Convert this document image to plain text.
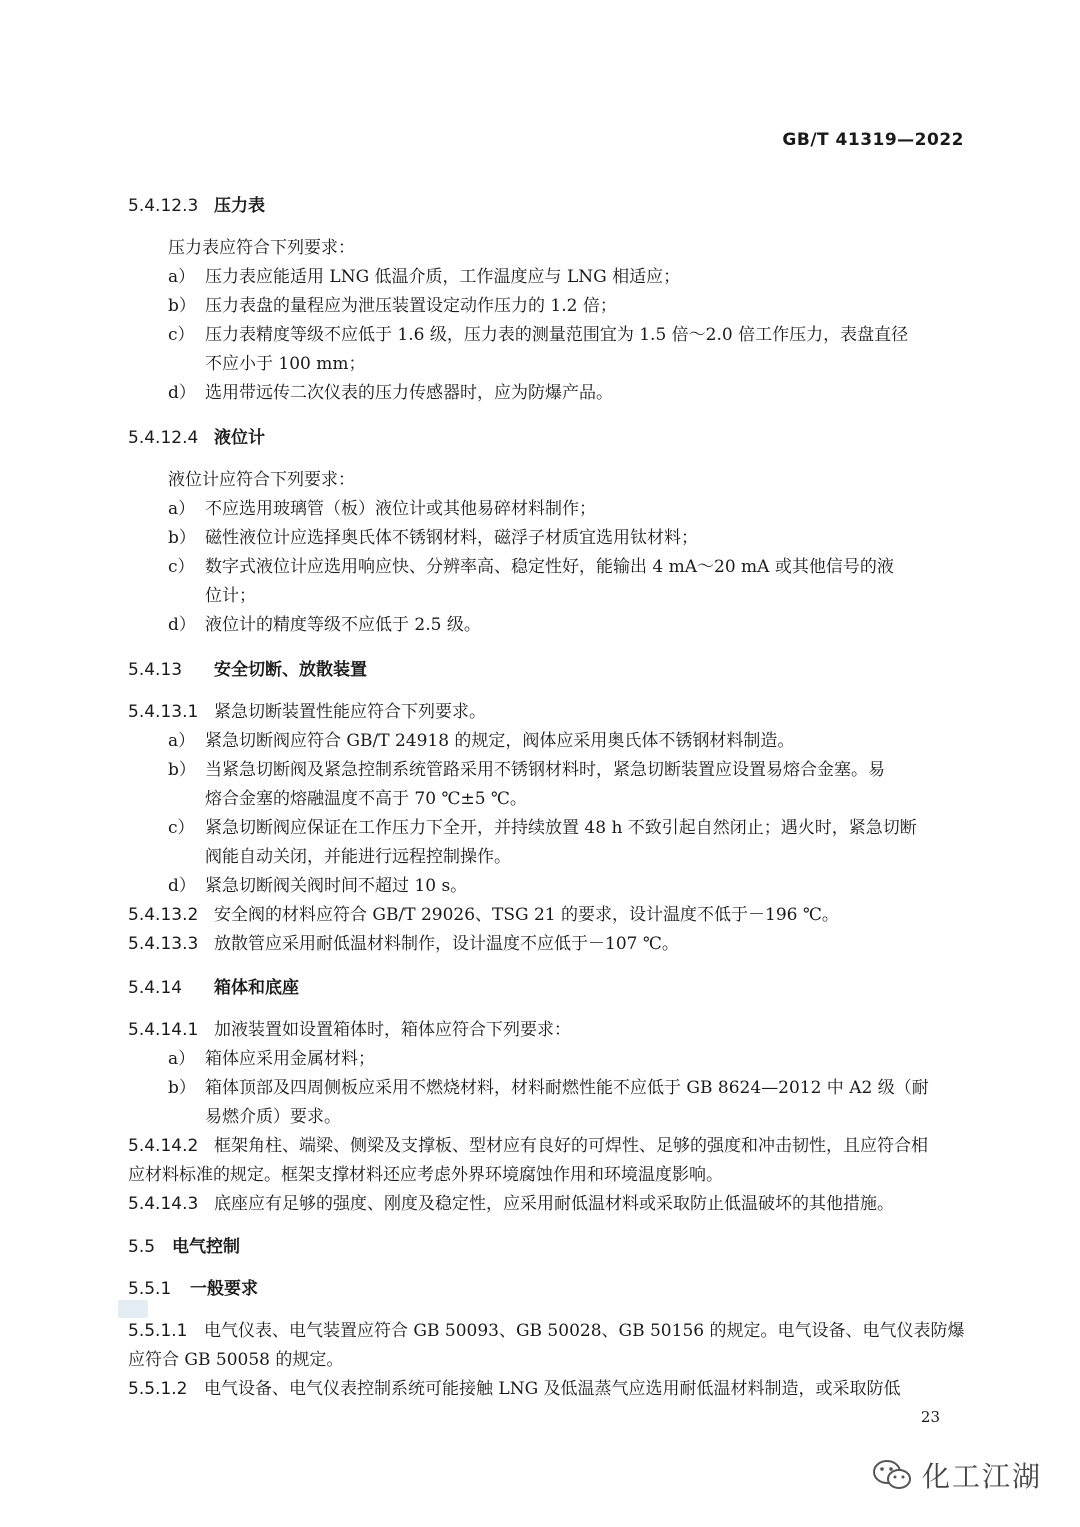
GB/T 41319—2022
5.4.12.3 压力表
压力表应符合下列要求：
a） 压力表应能适用 LNG 低温介质，工作温度应与 LNG 相适应；
b） 压力表盘的量程应为泄压装置设定动作压力的 1.2 倍；
c） 压力表精度等级不应低于 1.6 级，压力表的测量范围宜为 1.5 倍～2.0 倍工作压力，表盘直径
不应小于 100 mm；
d） 选用带远传二次仪表的压力传感器时，应为防爆产品。
5.4.12.4 液位计
液位计应符合下列要求：
a） 不应选用玻璃管（板）液位计或其他易碎材料制作；
b） 磁性液位计应选择奥氏体不锈钢材料，磁浮子材质宜选用钛材料；
c） 数字式液位计应选用响应快、分辨率高、稳定性好，能输出 4 mA～20 mA 或其他信号的液
位计；
d） 液位计的精度等级不应低于 2.5 级。
5.4.13 安全切断、放散装置
5.4.13.1 紧急切断装置性能应符合下列要求。
a） 紧急切断阀应符合 GB/T 24918 的规定，阀体应采用奥氏体不锈钢材料制造。
b） 当紧急切断阀及紧急控制系统管路采用不锈钢材料时，紧急切断装置应设置易熔合金塞。易
熔合金塞的熔融温度不高于 70 ℃±5 ℃。
c） 紧急切断阀应保证在工作压力下全开，并持续放置 48 h 不致引起自然闭止；遇火时，紧急切断
阀能自动关闭，并能进行远程控制操作。
d） 紧急切断阀关阀时间不超过 10 s。
5.4.13.2 安全阀的材料应符合 GB/T 29026、TSG 21 的要求，设计温度不低于－196 ℃。
5.4.13.3 放散管应采用耐低温材料制作，设计温度不应低于－107 ℃。
5.4.14 箱体和底座
5.4.14.1 加液装置如设置箱体时，箱体应符合下列要求：
a） 箱体应采用金属材料；
b） 箱体顶部及四周侧板应采用不燃烧材料，材料耐燃性能不应低于 GB 8624—2012 中 A2 级（耐
易燃介质）要求。
5.4.14.2 框架角柱、端梁、侧梁及支撑板、型材应有良好的可焊性、足够的强度和冲击韧性，且应符合相
应材料标准的规定。框架支撑材料还应考虑外界环境腐蚀作用和环境温度影响。
5.4.14.3 底座应有足够的强度、刚度及稳定性，应采用耐低温材料或采取防止低温破坏的其他措施。
5.5 电气控制
5.5.1 一般要求
5.5.1.1 电气仪表、电气装置应符合 GB 50093、GB 50028、GB 50156 的规定。电气设备、电气仪表防爆
应符合 GB 50058 的规定。
5.5.1.2 电气设备、电气仪表控制系统可能接触 LNG 及低温蒸气应选用耐低温材料制造，或采取防低
23
化工江湖
